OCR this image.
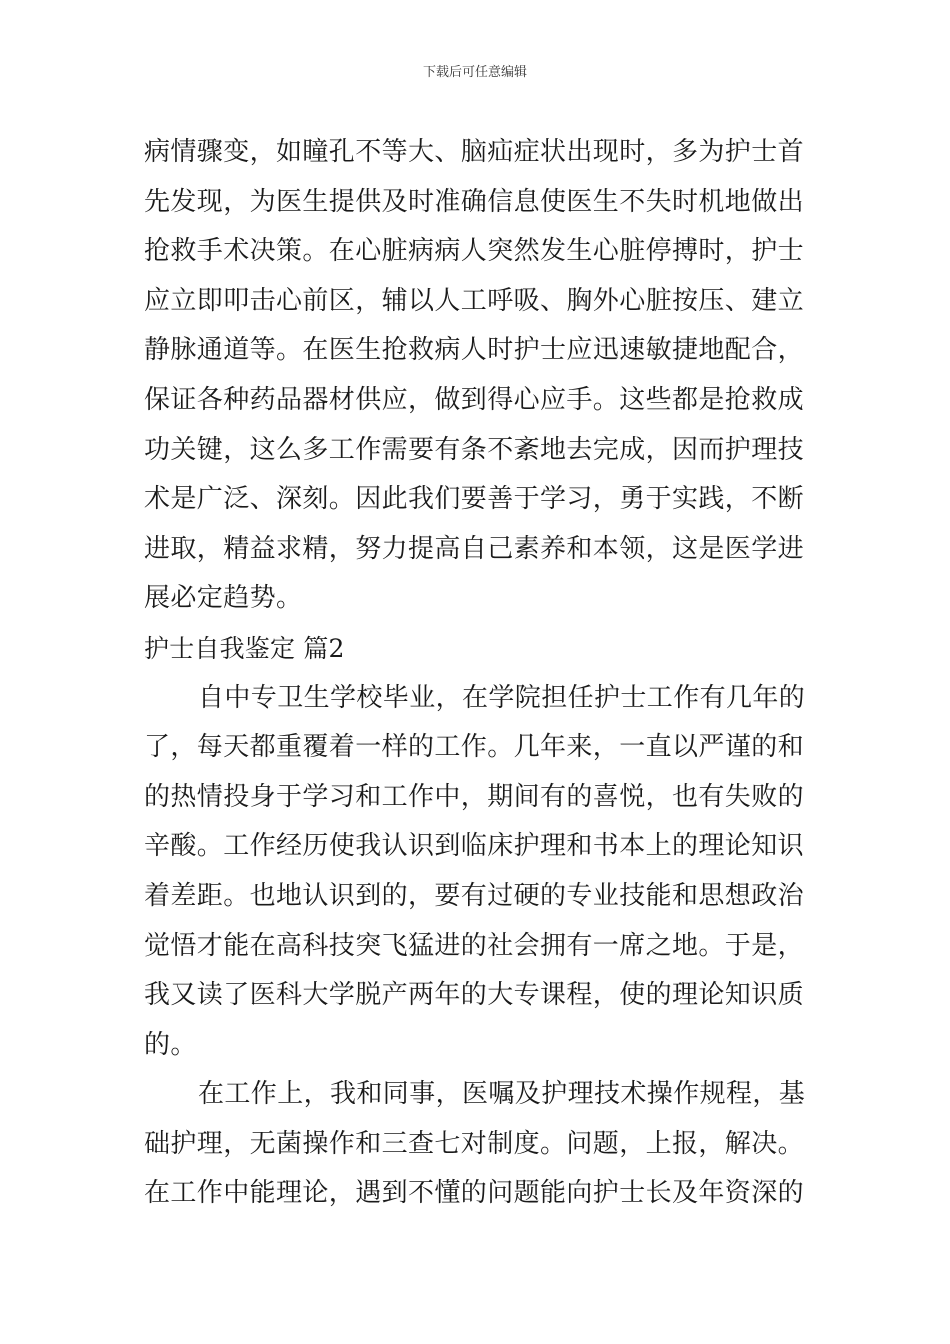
下载后可任意编辑
病情骤变，如瞳孔不等大、脑疝症状出现时，多为护士首
先发现，为医生提供及时准确信息使医生不失时机地做出
抢救手术决策。在心脏病病人突然发生心脏停搏时，护士
应立即叩击心前区，辅以人工呼吸、胸外心脏按压、建立
静脉通道等。在医生抢救病人时护士应迅速敏捷地配合，
保证各种药品器材供应，做到得心应手。这些都是抢救成
功关键，这么多工作需要有条不紊地去完成，因而护理技
术是广泛、深刻。因此我们要善于学习，勇于实践，不断
进取，精益求精，努力提高自己素养和本领，这是医学进
展必定趋势。
护士自我鉴定 篇2
自中专卫生学校毕业，在学院担任护士工作有几年的
了，每天都重覆着一样的工作。几年来，一直以严谨的和
的热情投身于学习和工作中，期间有的喜悦，也有失败的
辛酸。工作经历使我认识到临床护理和书本上的理论知识
着差距。也地认识到的，要有过硬的专业技能和思想政治
觉悟才能在高科技突飞猛进的社会拥有一席之地。于是，
我又读了医科大学脱产两年的大专课程，使的理论知识质
的。
在工作上，我和同事，医嘱及护理技术操作规程，基
础护理，无菌操作和三查七对制度。问题，上报，解决。
在工作中能理论，遇到不懂的问题能向护士长及年资深的
